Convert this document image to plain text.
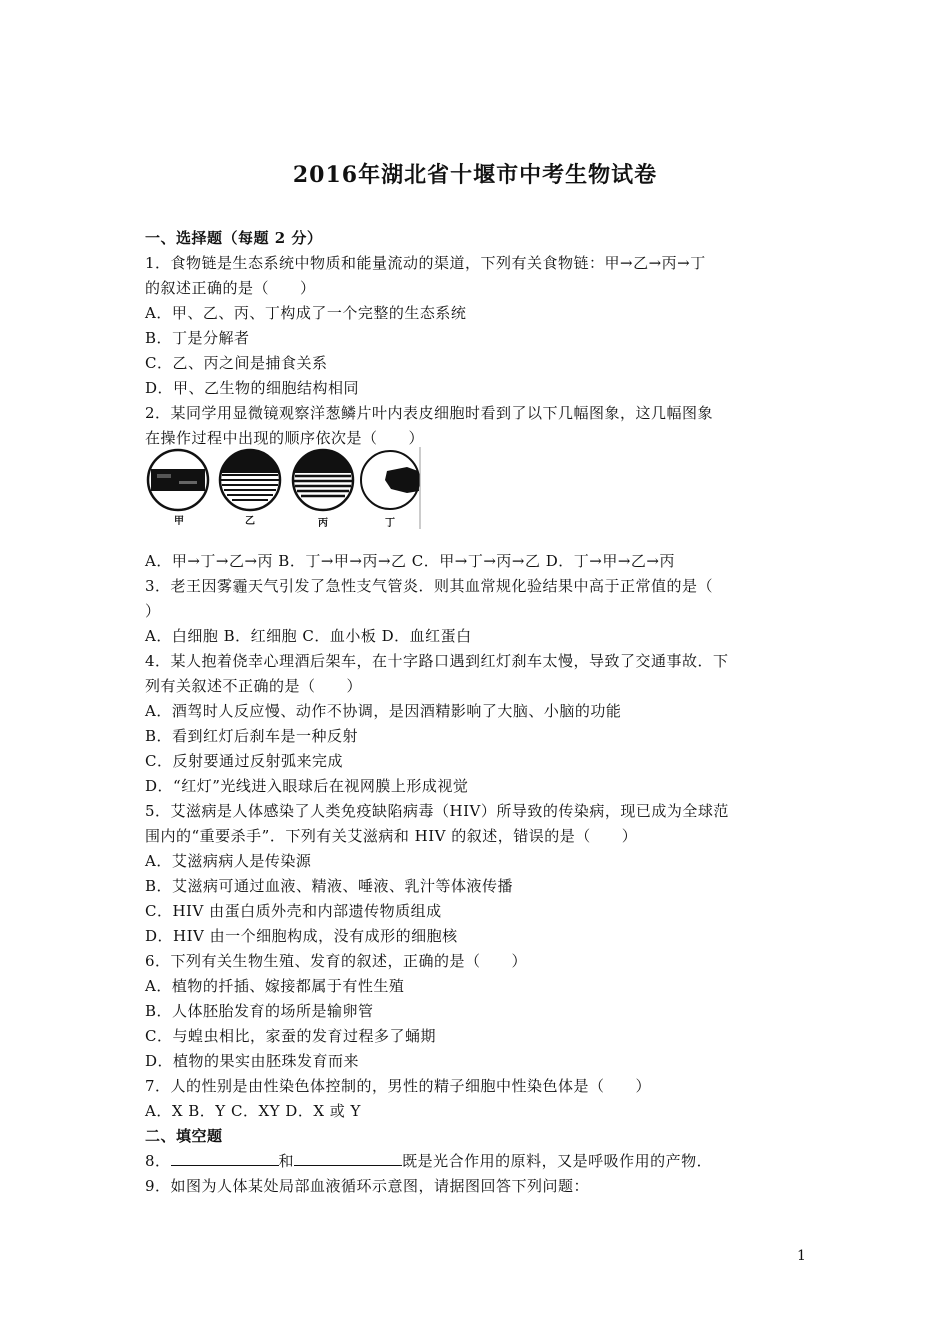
2016年湖北省十堰市中考生物试卷
一、选择题（每题 2 分）
1．食物链是生态系统中物质和能量流动的渠道，下列有关食物链：甲→乙→丙→丁
的叙述正确的是（　　）
A．甲、乙、丙、丁构成了一个完整的生态系统
B．丁是分解者
C．乙、丙之间是捕食关系
D．甲、乙生物的细胞结构相同
2．某同学用显微镜观察洋葱鳞片叶内表皮细胞时看到了以下几幅图象，这几幅图象
在操作过程中出现的顺序依次是（　　）
甲	乙	丙	丁
A．甲→丁→乙→丙 B．丁→甲→丙→乙 C．甲→丁→丙→乙 D．丁→甲→乙→丙
3．老王因雾霾天气引发了急性支气管炎．则其血常规化验结果中高于正常值的是（
）
A．白细胞 B．红细胞 C．血小板 D．血红蛋白
4．某人抱着侥幸心理酒后架车，在十字路口遇到红灯刹车太慢，导致了交通事故．下
列有关叙述不正确的是（　　）
A．酒驾时人反应慢、动作不协调，是因酒精影响了大脑、小脑的功能
B．看到红灯后刹车是一种反射
C．反射要通过反射弧来完成
D．“红灯”光线进入眼球后在视网膜上形成视觉
5．艾滋病是人体感染了人类免疫缺陷病毒（HIV）所导致的传染病，现已成为全球范
围内的“重要杀手”．下列有关艾滋病和 HIV 的叙述，错误的是（　　）
A．艾滋病病人是传染源
B．艾滋病可通过血液、精液、唾液、乳汁等体液传播
C．HIV 由蛋白质外壳和内部遗传物质组成
D．HIV 由一个细胞构成，没有成形的细胞核
6．下列有关生物生殖、发育的叙述，正确的是（　　）
A．植物的扦插、嫁接都属于有性生殖
B．人体胚胎发育的场所是输卵管
C．与蝗虫相比，家蚕的发育过程多了蛹期
D．植物的果实由胚珠发育而来
7．人的性别是由性染色体控制的，男性的精子细胞中性染色体是（　　）
A．X B．Y C．XY D．X 或 Y
二、填空题
8．	和	既是光合作用的原料，又是呼吸作用的产物．
9．如图为人体某处局部血液循环示意图，请据图回答下列问题：
1
